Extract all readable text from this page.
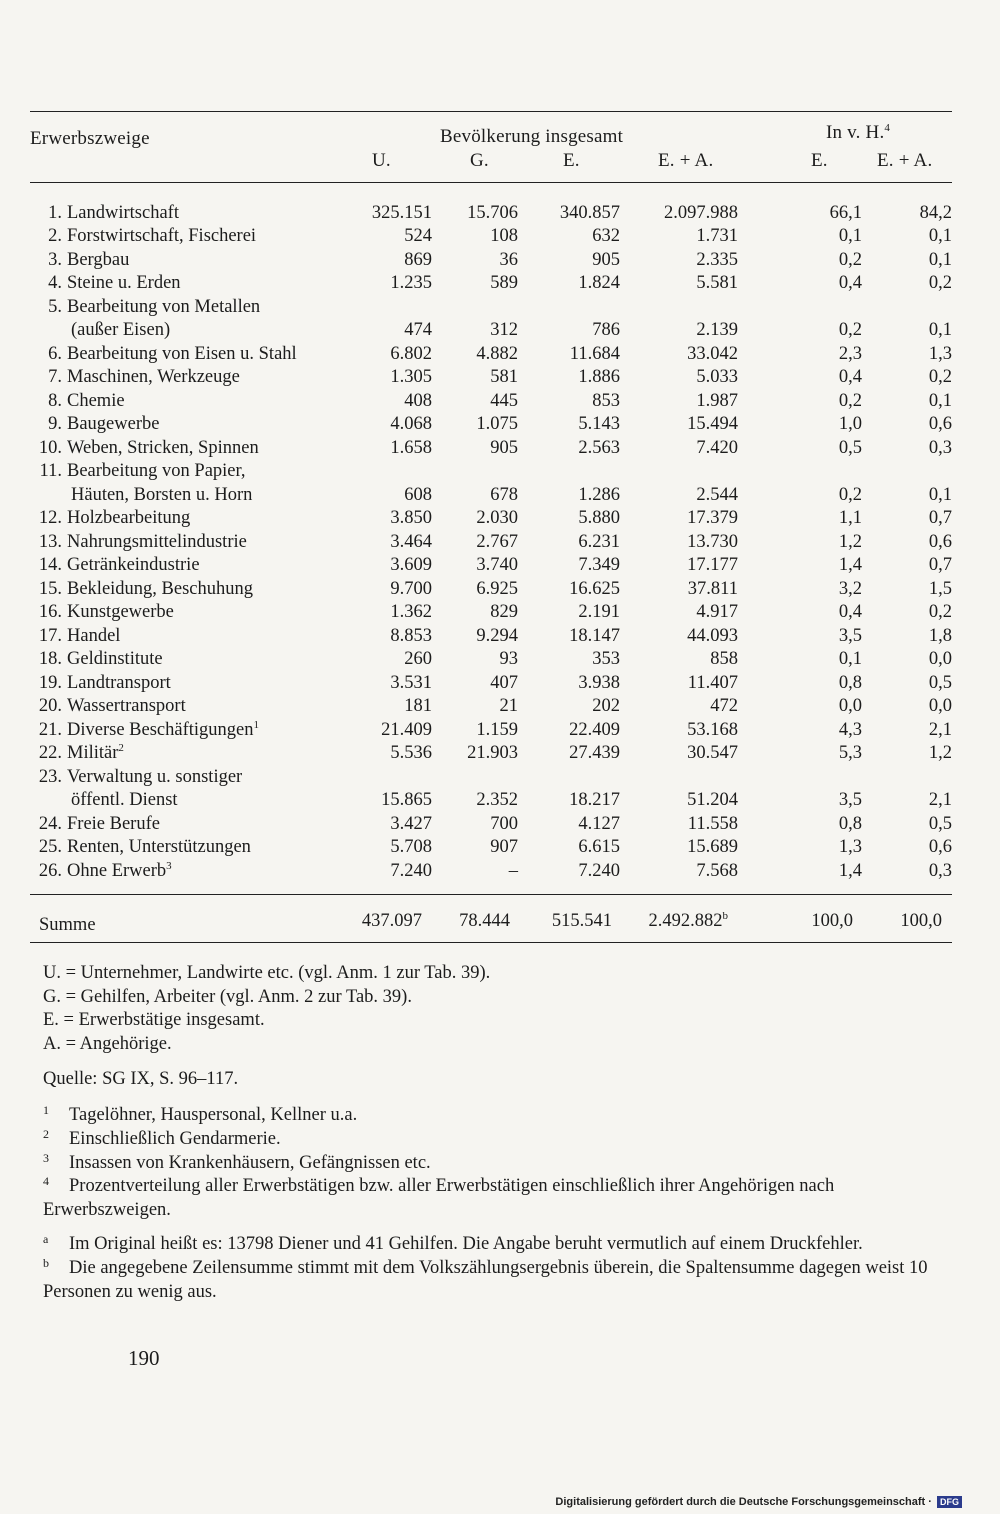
Erwerbszweige	Bevölkerung insgesamt	In v. H.$^4$
U.	G.	E.	E. + A.	E.	E. + A.
1. Landwirtschaft	325.151	15.706	340.857	2.097.988	66,1	84,2
2. Forstwirtschaft, Fischerei	524	108	632	1.731	0,1	0,1
3. Bergbau	869	36	905	2.335	0,2	0,1
4. Steine u. Erden	1.235	589	1.824	5.581	0,4	0,2
5. Bearbeitung von Metallen						
(außer Eisen)	474	312	786	2.139	0,2	0,1
6. Bearbeitung von Eisen u. Stahl	6.802	4.882	11.684	33.042	2,3	1,3
7. Maschinen, Werkzeuge	1.305	581	1.886	5.033	0,4	0,2
8. Chemie	408	445	853	1.987	0,2	0,1
9. Baugewerbe	4.068	1.075	5.143	15.494	1,0	0,6
10. Weben, Stricken, Spinnen	1.658	905	2.563	7.420	0,5	0,3
11. Bearbeitung von Papier,						
Häuten, Borsten u. Horn	608	678	1.286	2.544	0,2	0,1
12. Holzbearbeitung	3.850	2.030	5.880	17.379	1,1	0,7
13. Nahrungsmittelindustrie	3.464	2.767	6.231	13.730	1,2	0,6
14. Getränkeindustrie	3.609	3.740	7.349	17.177	1,4	0,7
15. Bekleidung, Beschuhung	9.700	6.925	16.625	37.811	3,2	1,5
16. Kunstgewerbe	1.362	829	2.191	4.917	0,4	0,2
17. Handel	8.853	9.294	18.147	44.093	3,5	1,8
18. Geldinstitute	260	93	353	858	0,1	0,0
19. Landtransport	3.531	407	3.938	11.407	0,8	0,5
20. Wassertransport	181	21	202	472	0,0	0,0
21. Diverse Beschäftigungen$^1$	21.409	1.159	22.409	53.168	4,3	2,1
22. Militär$^2$	5.536	21.903	27.439	30.547	5,3	1,2
23. Verwaltung u. sonstiger						
öffentl. Dienst	15.865	2.352	18.217	51.204	3,5	2,1
24. Freie Berufe	3.427	700	4.127	11.558	0,8	0,5
25. Renten, Unterstützungen	5.708	907	6.615	15.689	1,3	0,6
26. Ohne Erwerb$^3$	7.240	–	7.240	7.568	1,4	0,3
Summe	437.097 78.444 515.541 2.492.882$^b$	100,0	100,0
U. = Unternehmer, Landwirte etc. (vgl. Anm. 1 zur Tab. 39).
G. = Gehilfen, Arbeiter (vgl. Anm. 2 zur Tab. 39).
E. = Erwerbstätige insgesamt.
A. = Angehörige.
Quelle: SG IX, S. 96–117.
1 Tagelöhner, Hauspersonal, Kellner u.a.
2 Einschließlich Gendarmerie.
3 Insassen von Krankenhäusern, Gefängnissen etc.
4 Prozentverteilung aller Erwerbstätigen bzw. aller Erwerbstätigen einschließlich ihrer Angehörigen nach Erwerbszweigen.
a Im Original heißt es: 13798 Diener und 41 Gehilfen. Die Angabe beruht vermutlich auf einem Druckfehler.
b Die angegebene Zeilensumme stimmt mit dem Volkszählungsergebnis überein, die Spaltensumme dagegen weist 10 Personen zu wenig aus.
190
Digitalisierung gefördert durch die Deutsche Forschungsgemeinschaft · DFG
